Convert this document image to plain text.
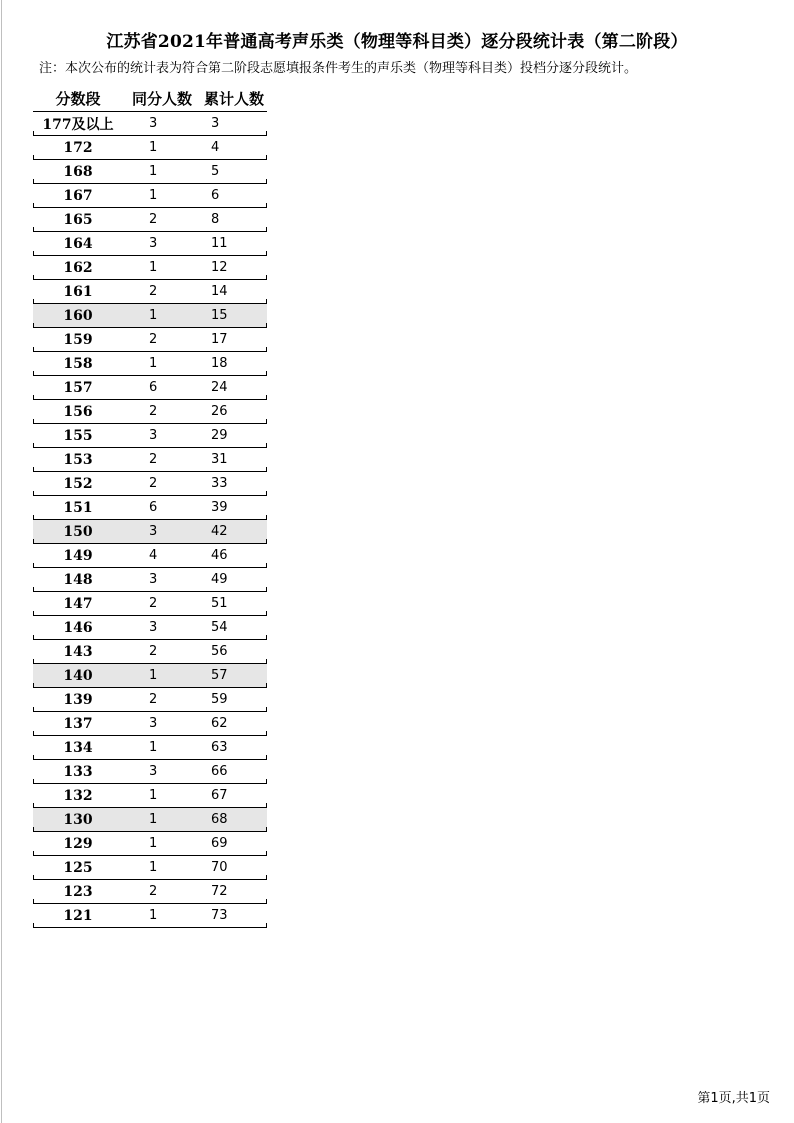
江苏省2021年普通高考声乐类（物理等科目类）逐分段统计表（第二阶段）
注：本次公布的统计表为符合第二阶段志愿填报条件考生的声乐类（物理等科目类）投档分逐分段统计。
分数段	同分人数 累计人数
177及以上	3	3
172	1	4
168	1	5
167	1	6
165	2	8
164	3	11
162	1	12
161	2	14
160	1	15
159	2	17
158	1	18
157	6	24
156	2	26
155	3	29
153	2	31
152	2	33
151	6	39
150	3	42
149	4	46
148	3	49
147	2	51
146	3	54
143	2	56
140	1	57
139	2	59
137	3	62
134	1	63
133	3	66
132	1	67
130	1	68
129	1	69
125	1	70
123	2	72
121	1	73
第1页,共1页
